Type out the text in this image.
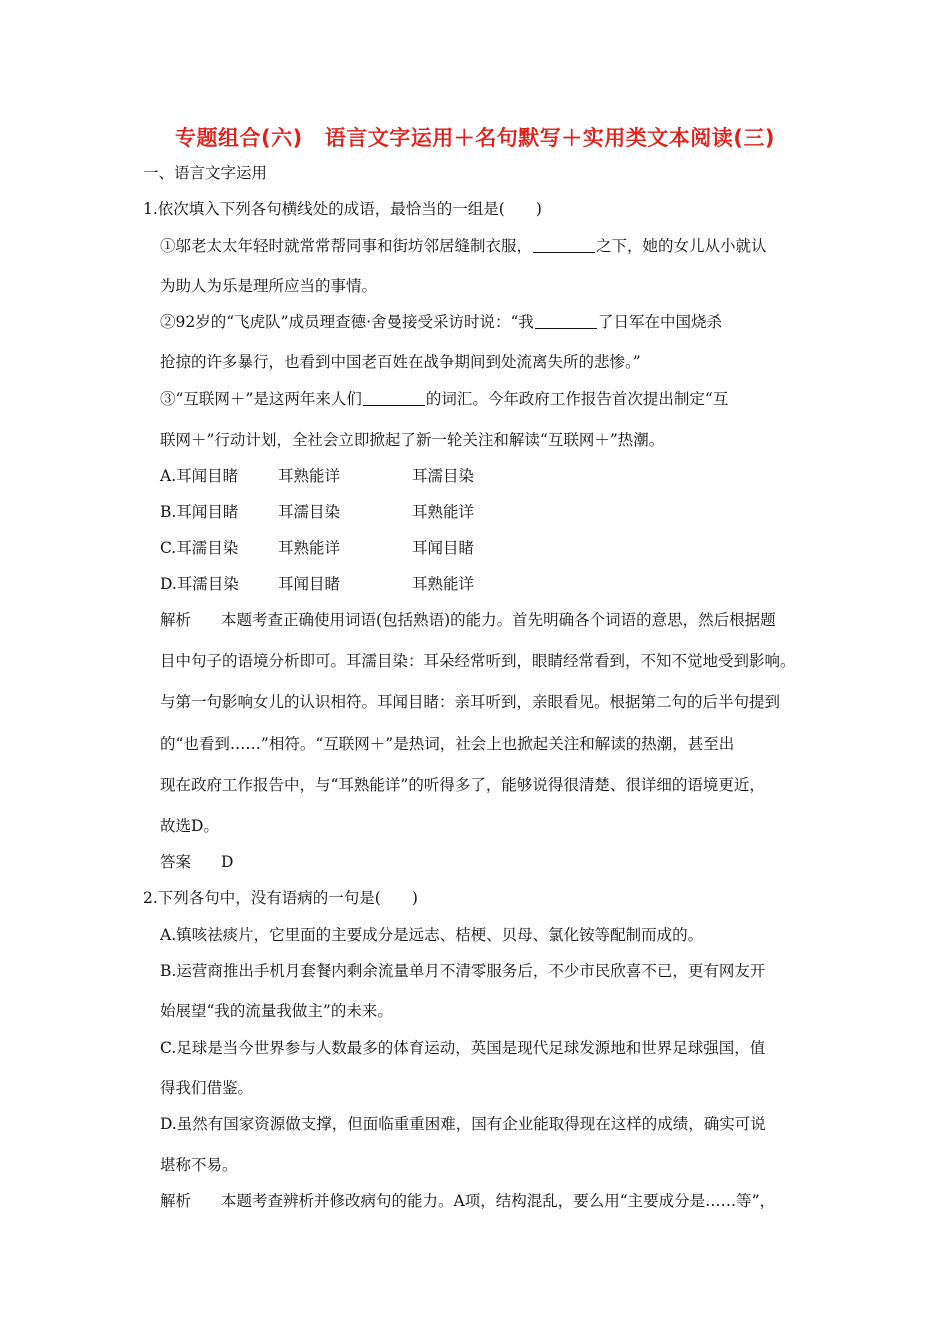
专题组合(六) 语言文字运用＋名句默写＋实用类文本阅读(三)
一、语言文字运用
1.依次填入下列各句横线处的成语，最恰当的一组是(　　)
①邬老太太年轻时就常常帮同事和街坊邻居缝制衣服，	之下，她的女儿从小就认
为助人为乐是理所应当的事情。
②92岁的“飞虎队”成员理查德·舍曼接受采访时说：“我	了日军在中国烧杀
抢掠的许多暴行，也看到中国老百姓在战争期间到处流离失所的悲惨。”
③“互联网＋”是这两年来人们	的词汇。今年政府工作报告首次提出制定“互
联网＋”行动计划，全社会立即掀起了新一轮关注和解读“互联网＋”热潮。
A.耳闻目睹	耳熟能详	耳濡目染
B.耳闻目睹	耳濡目染	耳熟能详
C.耳濡目染	耳熟能详	耳闻目睹
D.耳濡目染	耳闻目睹	耳熟能详
解析 本题考查正确使用词语(包括熟语)的能力。首先明确各个词语的意思，然后根据题
目中句子的语境分析即可。耳濡目染：耳朵经常听到，眼睛经常看到，不知不觉地受到影响。
与第一句影响女儿的认识相符。耳闻目睹：亲耳听到，亲眼看见。根据第二句的后半句提到
的“也看到……”相符。“互联网＋”是热词，社会上也掀起关注和解读的热潮，甚至出
现在政府工作报告中，与“耳熟能详”的听得多了，能够说得很清楚、很详细的语境更近，
故选D。
答案 D
2.下列各句中，没有语病的一句是(　　)
A.镇咳祛痰片，它里面的主要成分是远志、桔梗、贝母、氯化铵等配制而成的。
B.运营商推出手机月套餐内剩余流量单月不清零服务后，不少市民欣喜不已，更有网友开
始展望“我的流量我做主”的未来。
C.足球是当今世界参与人数最多的体育运动，英国是现代足球发源地和世界足球强国，值
得我们借鉴。
D.虽然有国家资源做支撑，但面临重重困难，国有企业能取得现在这样的成绩，确实可说
堪称不易。
解析 本题考查辨析并修改病句的能力。A项，结构混乱，要么用“主要成分是……等”，
